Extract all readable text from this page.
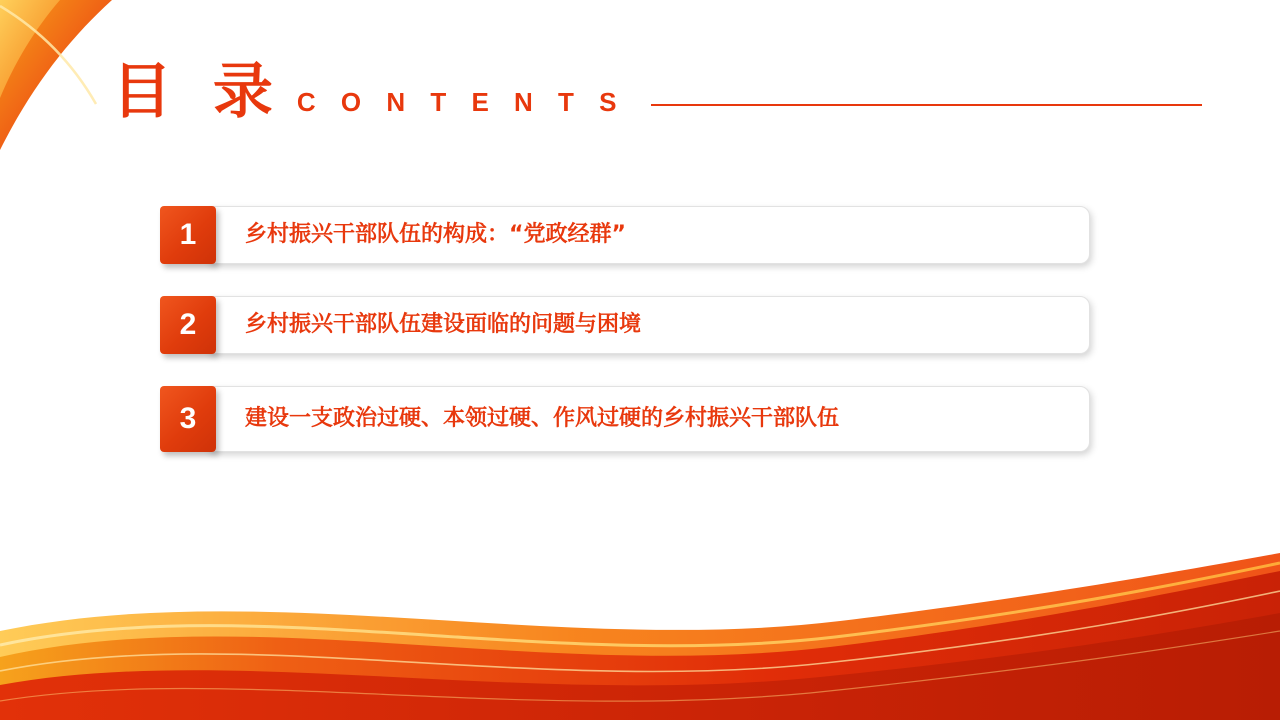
目 录 C O N T E N T S
1	乡村振兴干部队伍的构成：“党政经群”
2	乡村振兴干部队伍建设面临的问题与困境
3	建设一支政治过硬、本领过硬、作风过硬的乡村振兴干部队伍
